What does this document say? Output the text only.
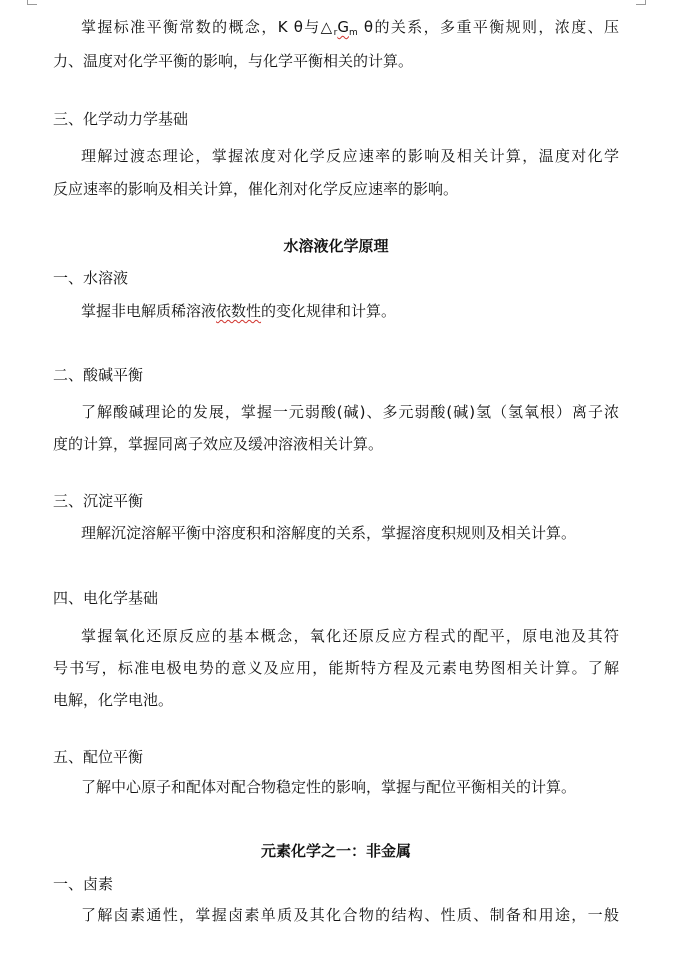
掌握标准平衡常数的概念，K θ与$\triangle_rG_m$ θ的关系，多重平衡规则，浓度、压
力、温度对化学平衡的影响，与化学平衡相关的计算。
三、化学动力学基础
理解过渡态理论，掌握浓度对化学反应速率的影响及相关计算，温度对化学
反应速率的影响及相关计算，催化剂对化学反应速率的影响。
水溶液化学原理
一、水溶液
掌握非电解质稀溶液依数性的变化规律和计算。
二、酸碱平衡
了解酸碱理论的发展，掌握一元弱酸(碱)、多元弱酸(碱)氢（氢氧根）离子浓
度的计算，掌握同离子效应及缓冲溶液相关计算。
三、沉淀平衡
理解沉淀溶解平衡中溶度积和溶解度的关系，掌握溶度积规则及相关计算。
四、电化学基础
掌握氧化还原反应的基本概念，氧化还原反应方程式的配平，原电池及其符
号书写，标准电极电势的意义及应用，能斯特方程及元素电势图相关计算。了解
电解，化学电池。
五、配位平衡
了解中心原子和配体对配合物稳定性的影响，掌握与配位平衡相关的计算。
元素化学之一：非金属
一、卤素
了解卤素通性，掌握卤素单质及其化合物的结构、性质、制备和用途，一般
